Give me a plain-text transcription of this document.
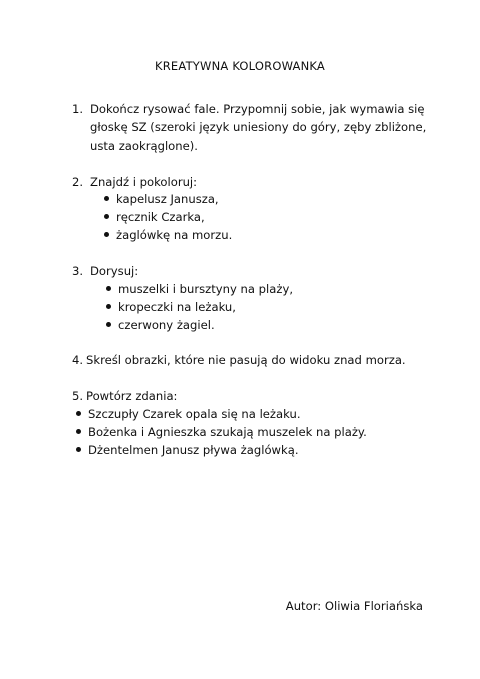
KREATYWNA KOLOROWANKA
1. Dokończ rysować fale. Przypomnij sobie, jak wymawia się
głoskę SZ (szeroki język uniesiony do góry, zęby zbliżone,
usta zaokrąglone).
2. Znajdź i pokoloruj:
kapelusz Janusza,
ręcznik Czarka,
żaglówkę na morzu.
3. Dorysuj:
muszelki i bursztyny na plaży,
kropeczki na leżaku,
czerwony żagiel.
4. Skreśl obrazki, które nie pasują do widoku znad morza.
5. Powtórz zdania:
Szczupły Czarek opala się na leżaku.
Bożenka i Agnieszka szukają muszelek na plaży.
Dżentelmen Janusz pływa żaglówką.
Autor: Oliwia Floriańska
